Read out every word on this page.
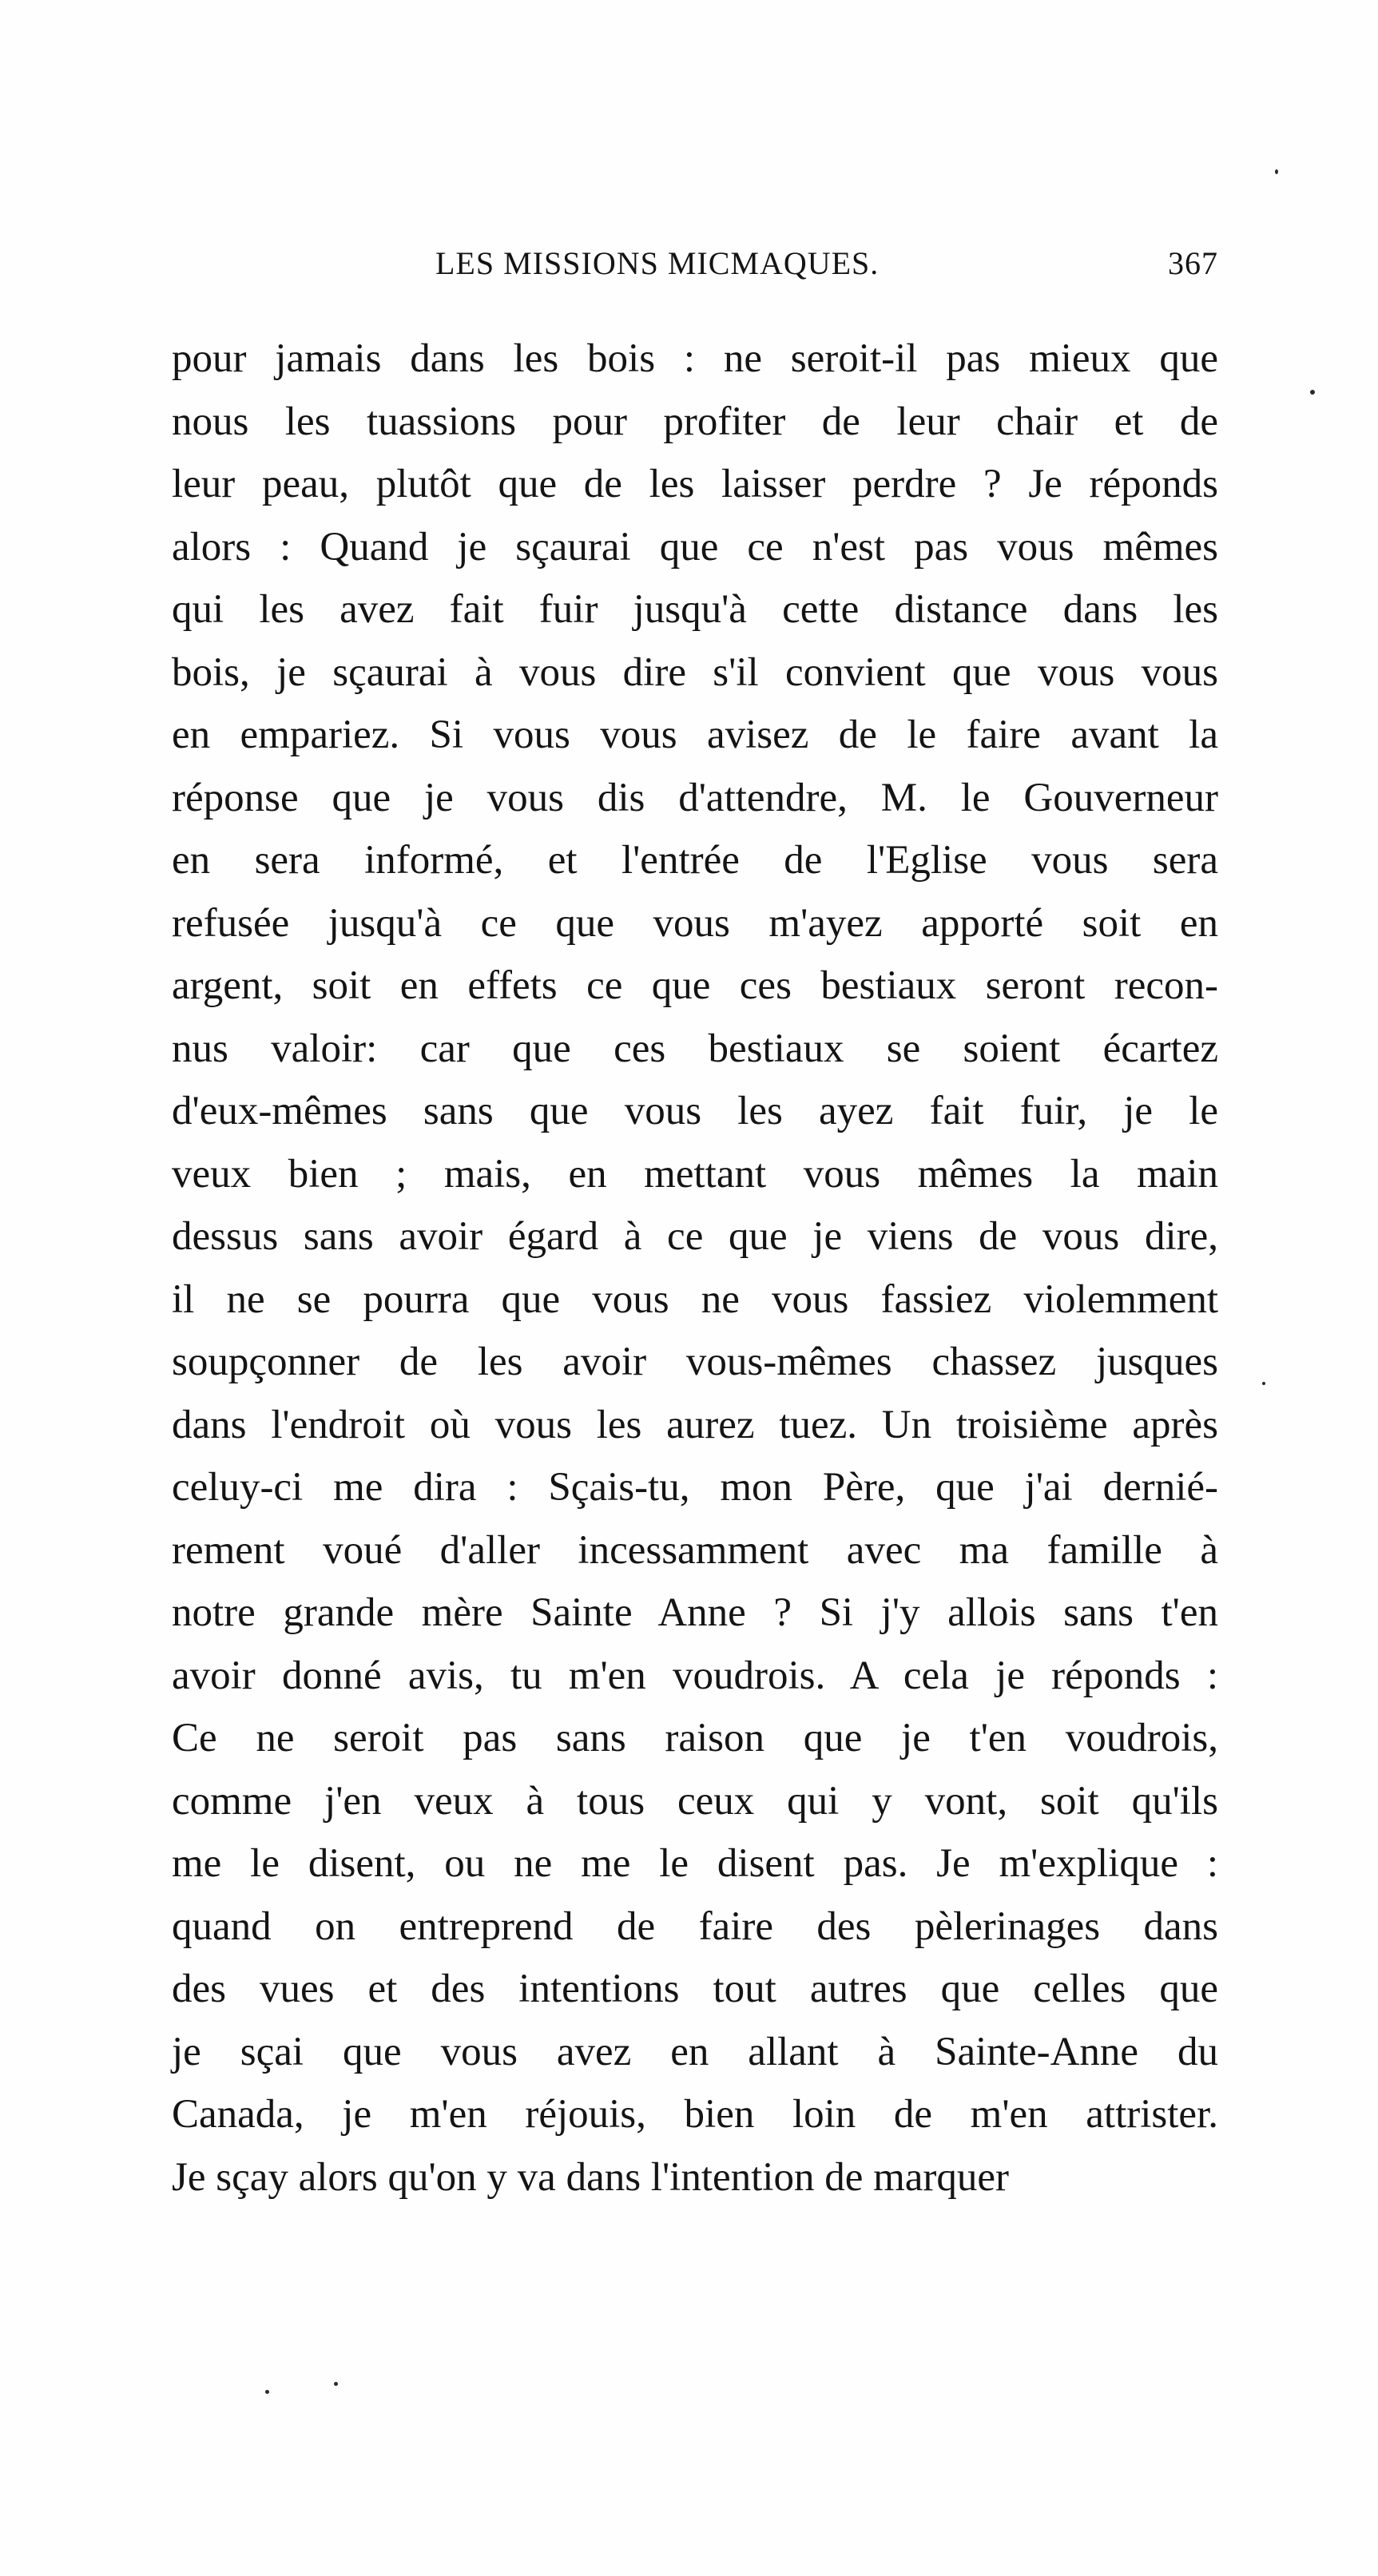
LES MISSIONS MICMAQUES.	367
pour jamais dans les bois : ne seroit-il pas mieux que
nous les tuassions pour profiter de leur chair et de
leur peau, plutôt que de les laisser perdre ? Je réponds
alors : Quand je sçaurai que ce n'est pas vous mêmes
qui les avez fait fuir jusqu'à cette distance dans les
bois, je sçaurai à vous dire s'il convient que vous vous
en empariez. Si vous vous avisez de le faire avant la
réponse que je vous dis d'attendre, M. le Gouverneur
en sera informé, et l'entrée de l'Eglise vous sera
refusée jusqu'à ce que vous m'ayez apporté soit en
argent, soit en effets ce que ces bestiaux seront recon-
nus valoir: car que ces bestiaux se soient écartez
d'eux-mêmes sans que vous les ayez fait fuir, je le
veux bien ; mais, en mettant vous mêmes la main
dessus sans avoir égard à ce que je viens de vous dire,
il ne se pourra que vous ne vous fassiez violemment
soupçonner de les avoir vous-mêmes chassez jusques
dans l'endroit où vous les aurez tuez. Un troisième après
celuy-ci me dira : Sçais-tu, mon Père, que j'ai dernié-
rement voué d'aller incessamment avec ma famille à
notre grande mère Sainte Anne ? Si j'y allois sans t'en
avoir donné avis, tu m'en voudrois. A cela je réponds :
Ce ne seroit pas sans raison que je t'en voudrois,
comme j'en veux à tous ceux qui y vont, soit qu'ils
me le disent, ou ne me le disent pas. Je m'explique :
quand on entreprend de faire des pèlerinages dans
des vues et des intentions tout autres que celles que
je sçai que vous avez en allant à Sainte-Anne du
Canada, je m'en réjouis, bien loin de m'en attrister.
Je sçay alors qu'on y va dans l'intention de marquer
